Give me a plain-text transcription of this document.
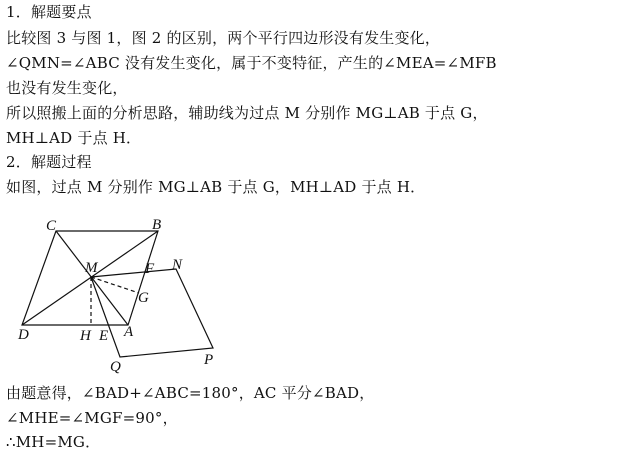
1．解题要点
比较图 3 与图 1，图 2 的区别，两个平行四边形没有发生变化，
∠QMN=∠ABC 没有发生变化，属于不变特征，产生的∠MEA=∠MFB
也没有发生变化，
所以照搬上面的分析思路，辅助线为过点 M 分别作 MG⊥AB 于点 G，
MH⊥AD 于点 H．
2．解题过程
如图，过点 M 分别作 MG⊥AB 于点 G，MH⊥AD 于点 H．
由题意得，∠BAD+∠ABC=180°，AC 平分∠BAD，
∠MHE=∠MGF=90°，
∴MH=MG．
C	B
M	F N
G
D	H E A
Q	P
